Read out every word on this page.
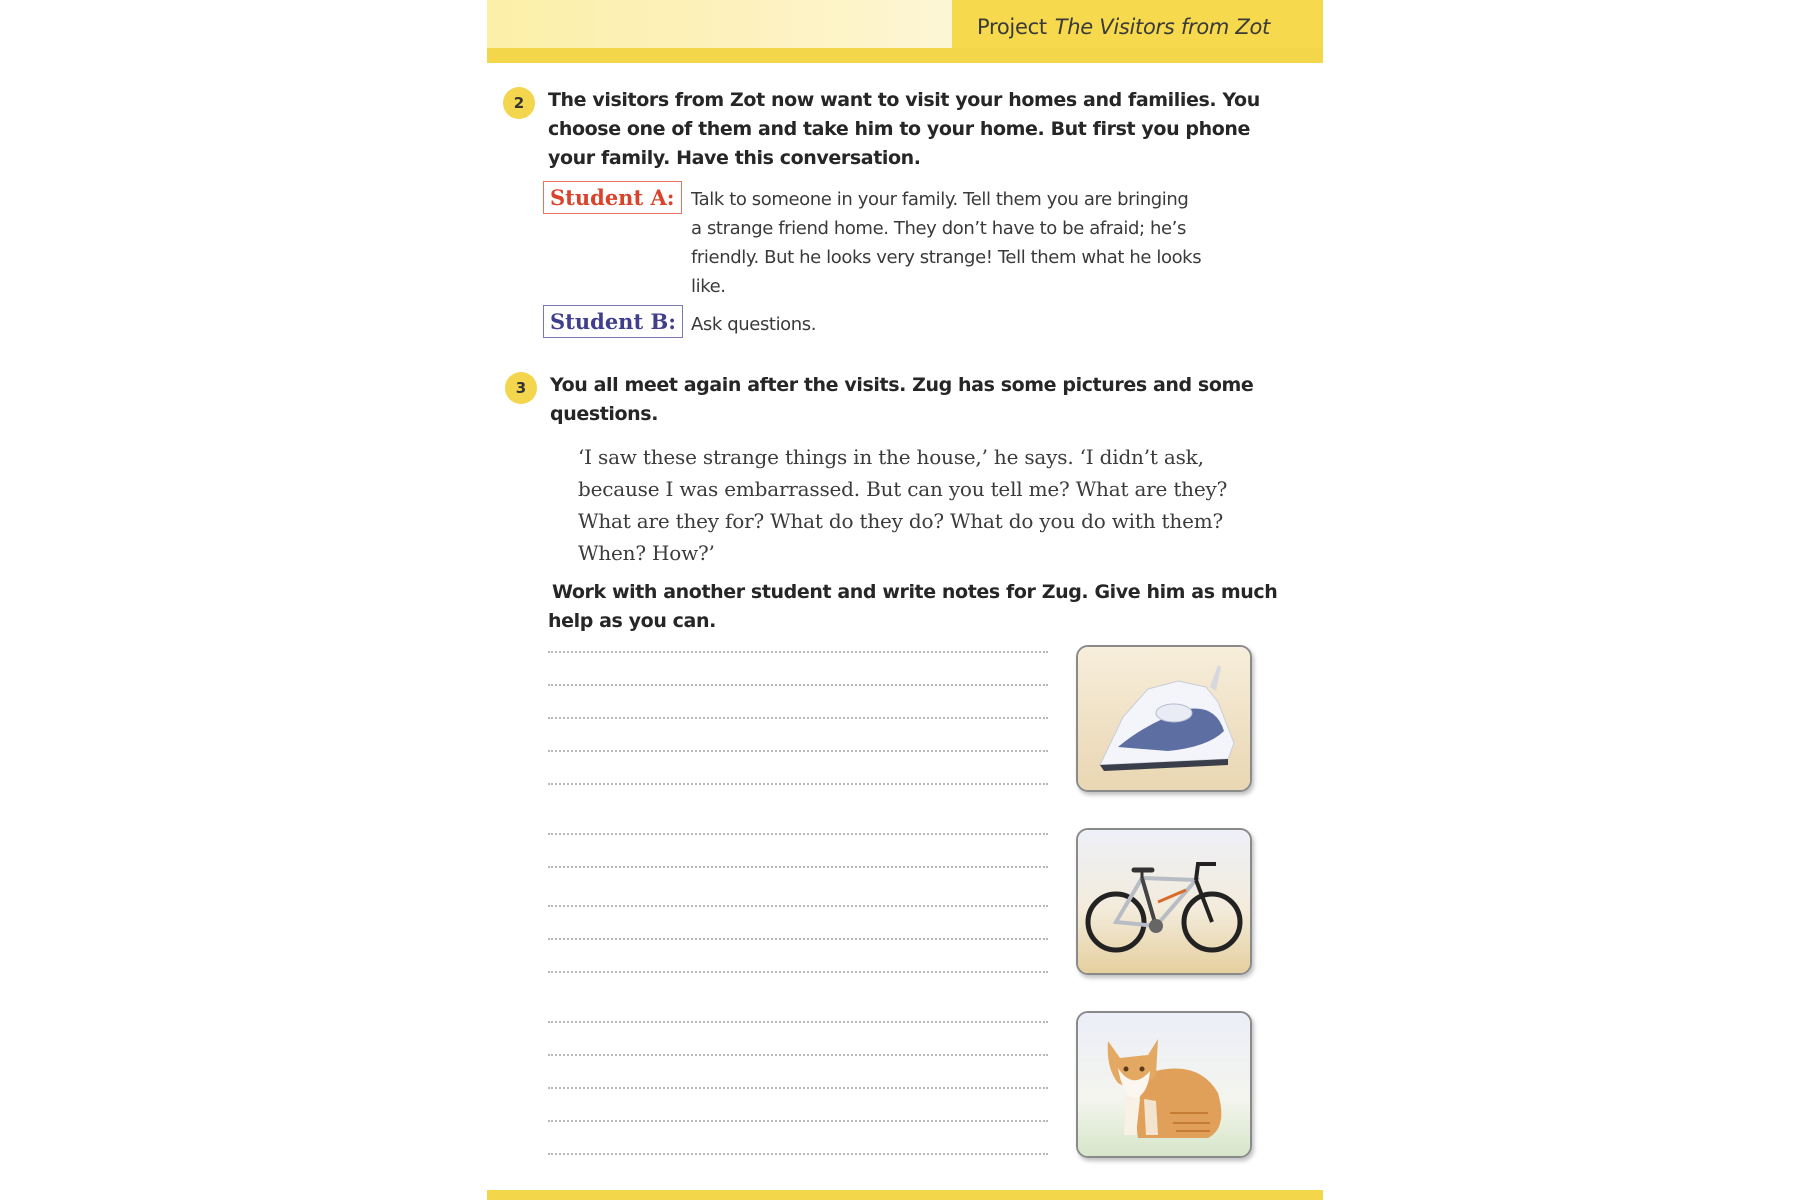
Project The Visitors from Zot
2	The visitors from Zot now want to visit your homes and families. You
choose one of them and take him to your home. But first you phone
your family. Have this conversation.
Student A: Talk to someone in your family. Tell them you are bringing
a strange friend home. They don’t have to be afraid; he’s
friendly. But he looks very strange! Tell them what he looks
like.
Student B: Ask questions.
3	You all meet again after the visits. Zug has some pictures and some
questions.
‘I saw these strange things in the house,’ he says. ‘I didn’t ask,
because I was embarrassed. But can you tell me? What are they?
What are they for? What do they do? What do you do with them?
When? How?’
Work with another student and write notes for Zug. Give him as much
help as you can.
